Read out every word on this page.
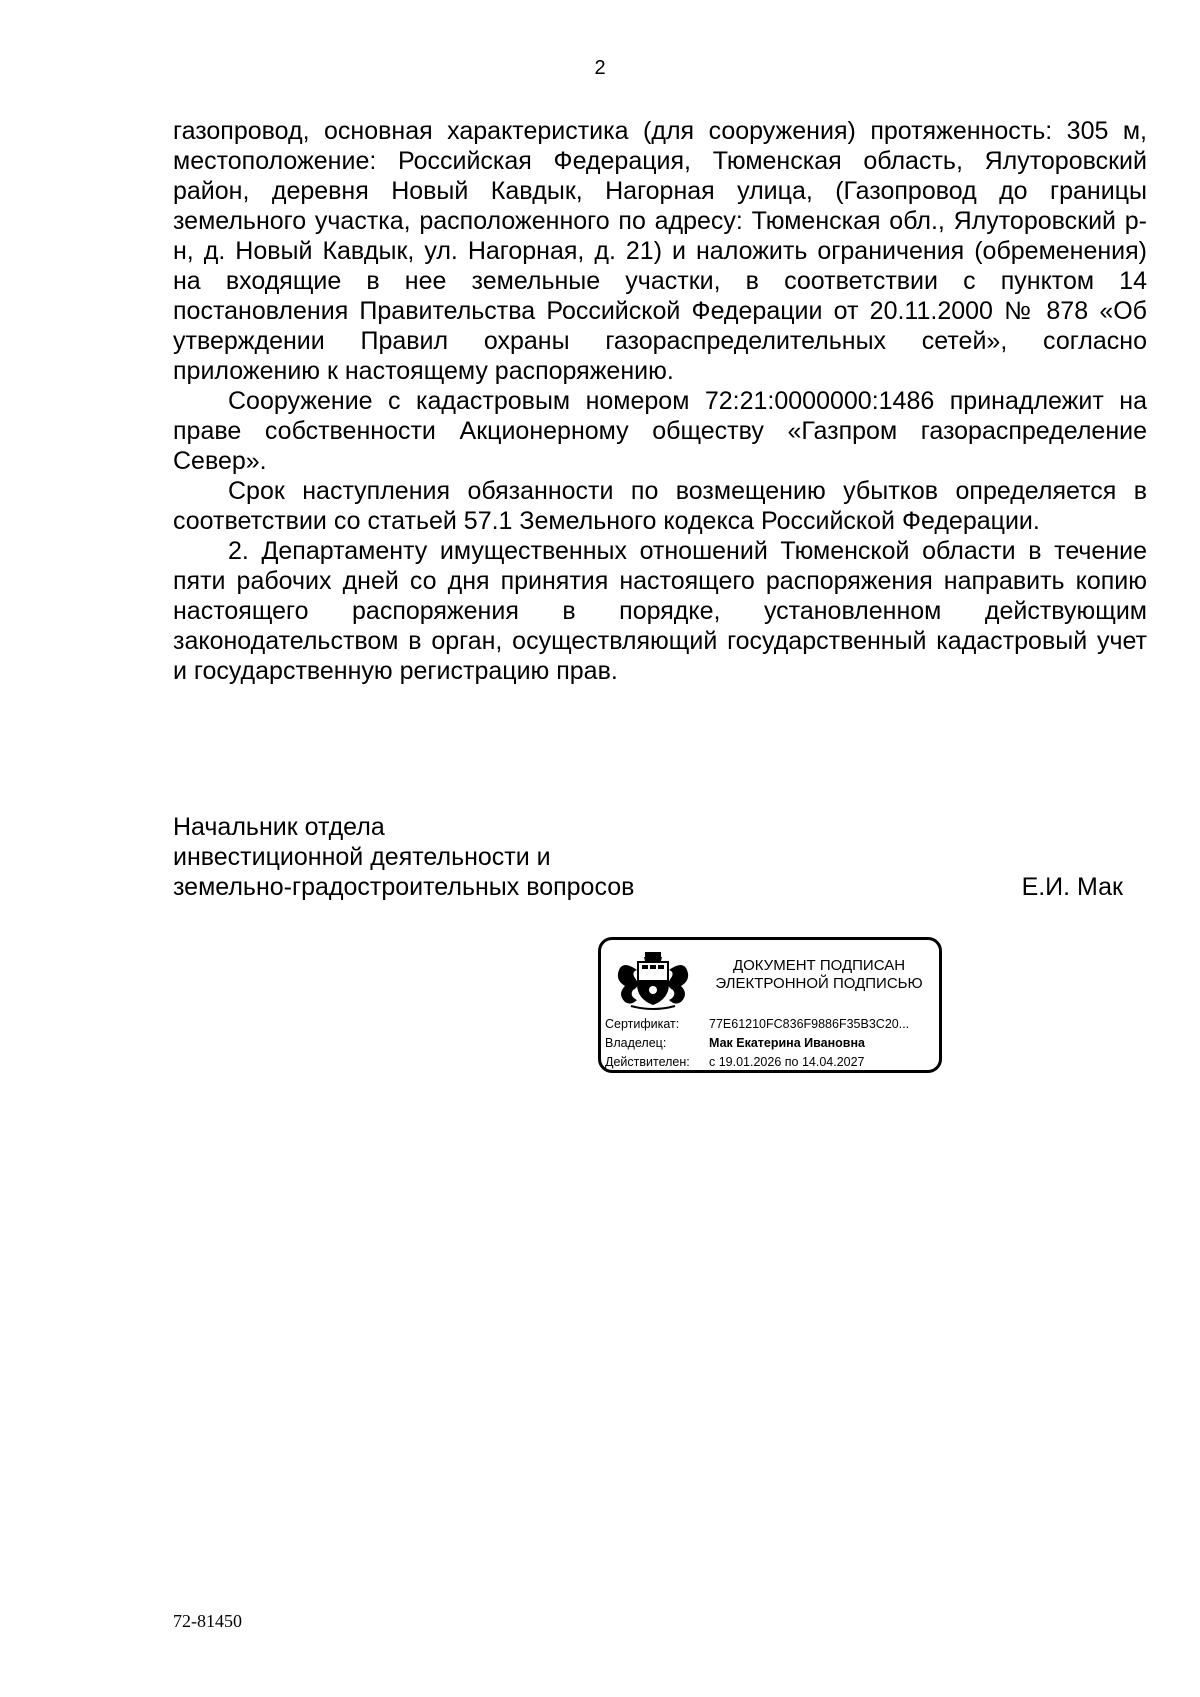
2

газопровод, основная характеристика (для сооружения) протяженность: 305 м, местоположение: Российская Федерация, Тюменская область, Ялуторовский район, деревня Новый Кавдык, Нагорная улица, (Газопровод до границы земельного участка, расположенного по адресу: Тюменская обл., Ялуторовский р-н, д. Новый Кавдык, ул. Нагорная, д. 21) и наложить ограничения (обременения) на входящие в нее земельные участки, в соответствии с пунктом 14 постановления Правительства Российской Федерации от 20.11.2000 № 878 «Об утверждении Правил охраны газораспределительных сетей», согласно приложению к настоящему распоряжению.

Сооружение с кадастровым номером 72:21:0000000:1486 принадлежит на праве собственности Акционерному обществу «Газпром газораспределение Север».

Срок наступления обязанности по возмещению убытков определяется в соответствии со статьей 57.1 Земельного кодекса Российской Федерации.

2. Департаменту имущественных отношений Тюменской области в течение пяти рабочих дней со дня принятия настоящего распоряжения направить копию настоящего распоряжения в порядке, установленном действующим законодательством в орган, осуществляющий государственный кадастровый учет и государственную регистрацию прав.

Начальник отдела
инвестиционной деятельности и
земельно-градостроительных вопросов	Е.И. Мак
ДОКУМЕНТ ПОДПИСАН
ЭЛЕКТРОННОЙ ПОДПИСЬЮ
Сертификат:	77E61210FC836F9886F35B3C20...
Владелец:	Мак Екатерина Ивановна
Действителен:	с 19.01.2026 по 14.04.2027
72-81450
